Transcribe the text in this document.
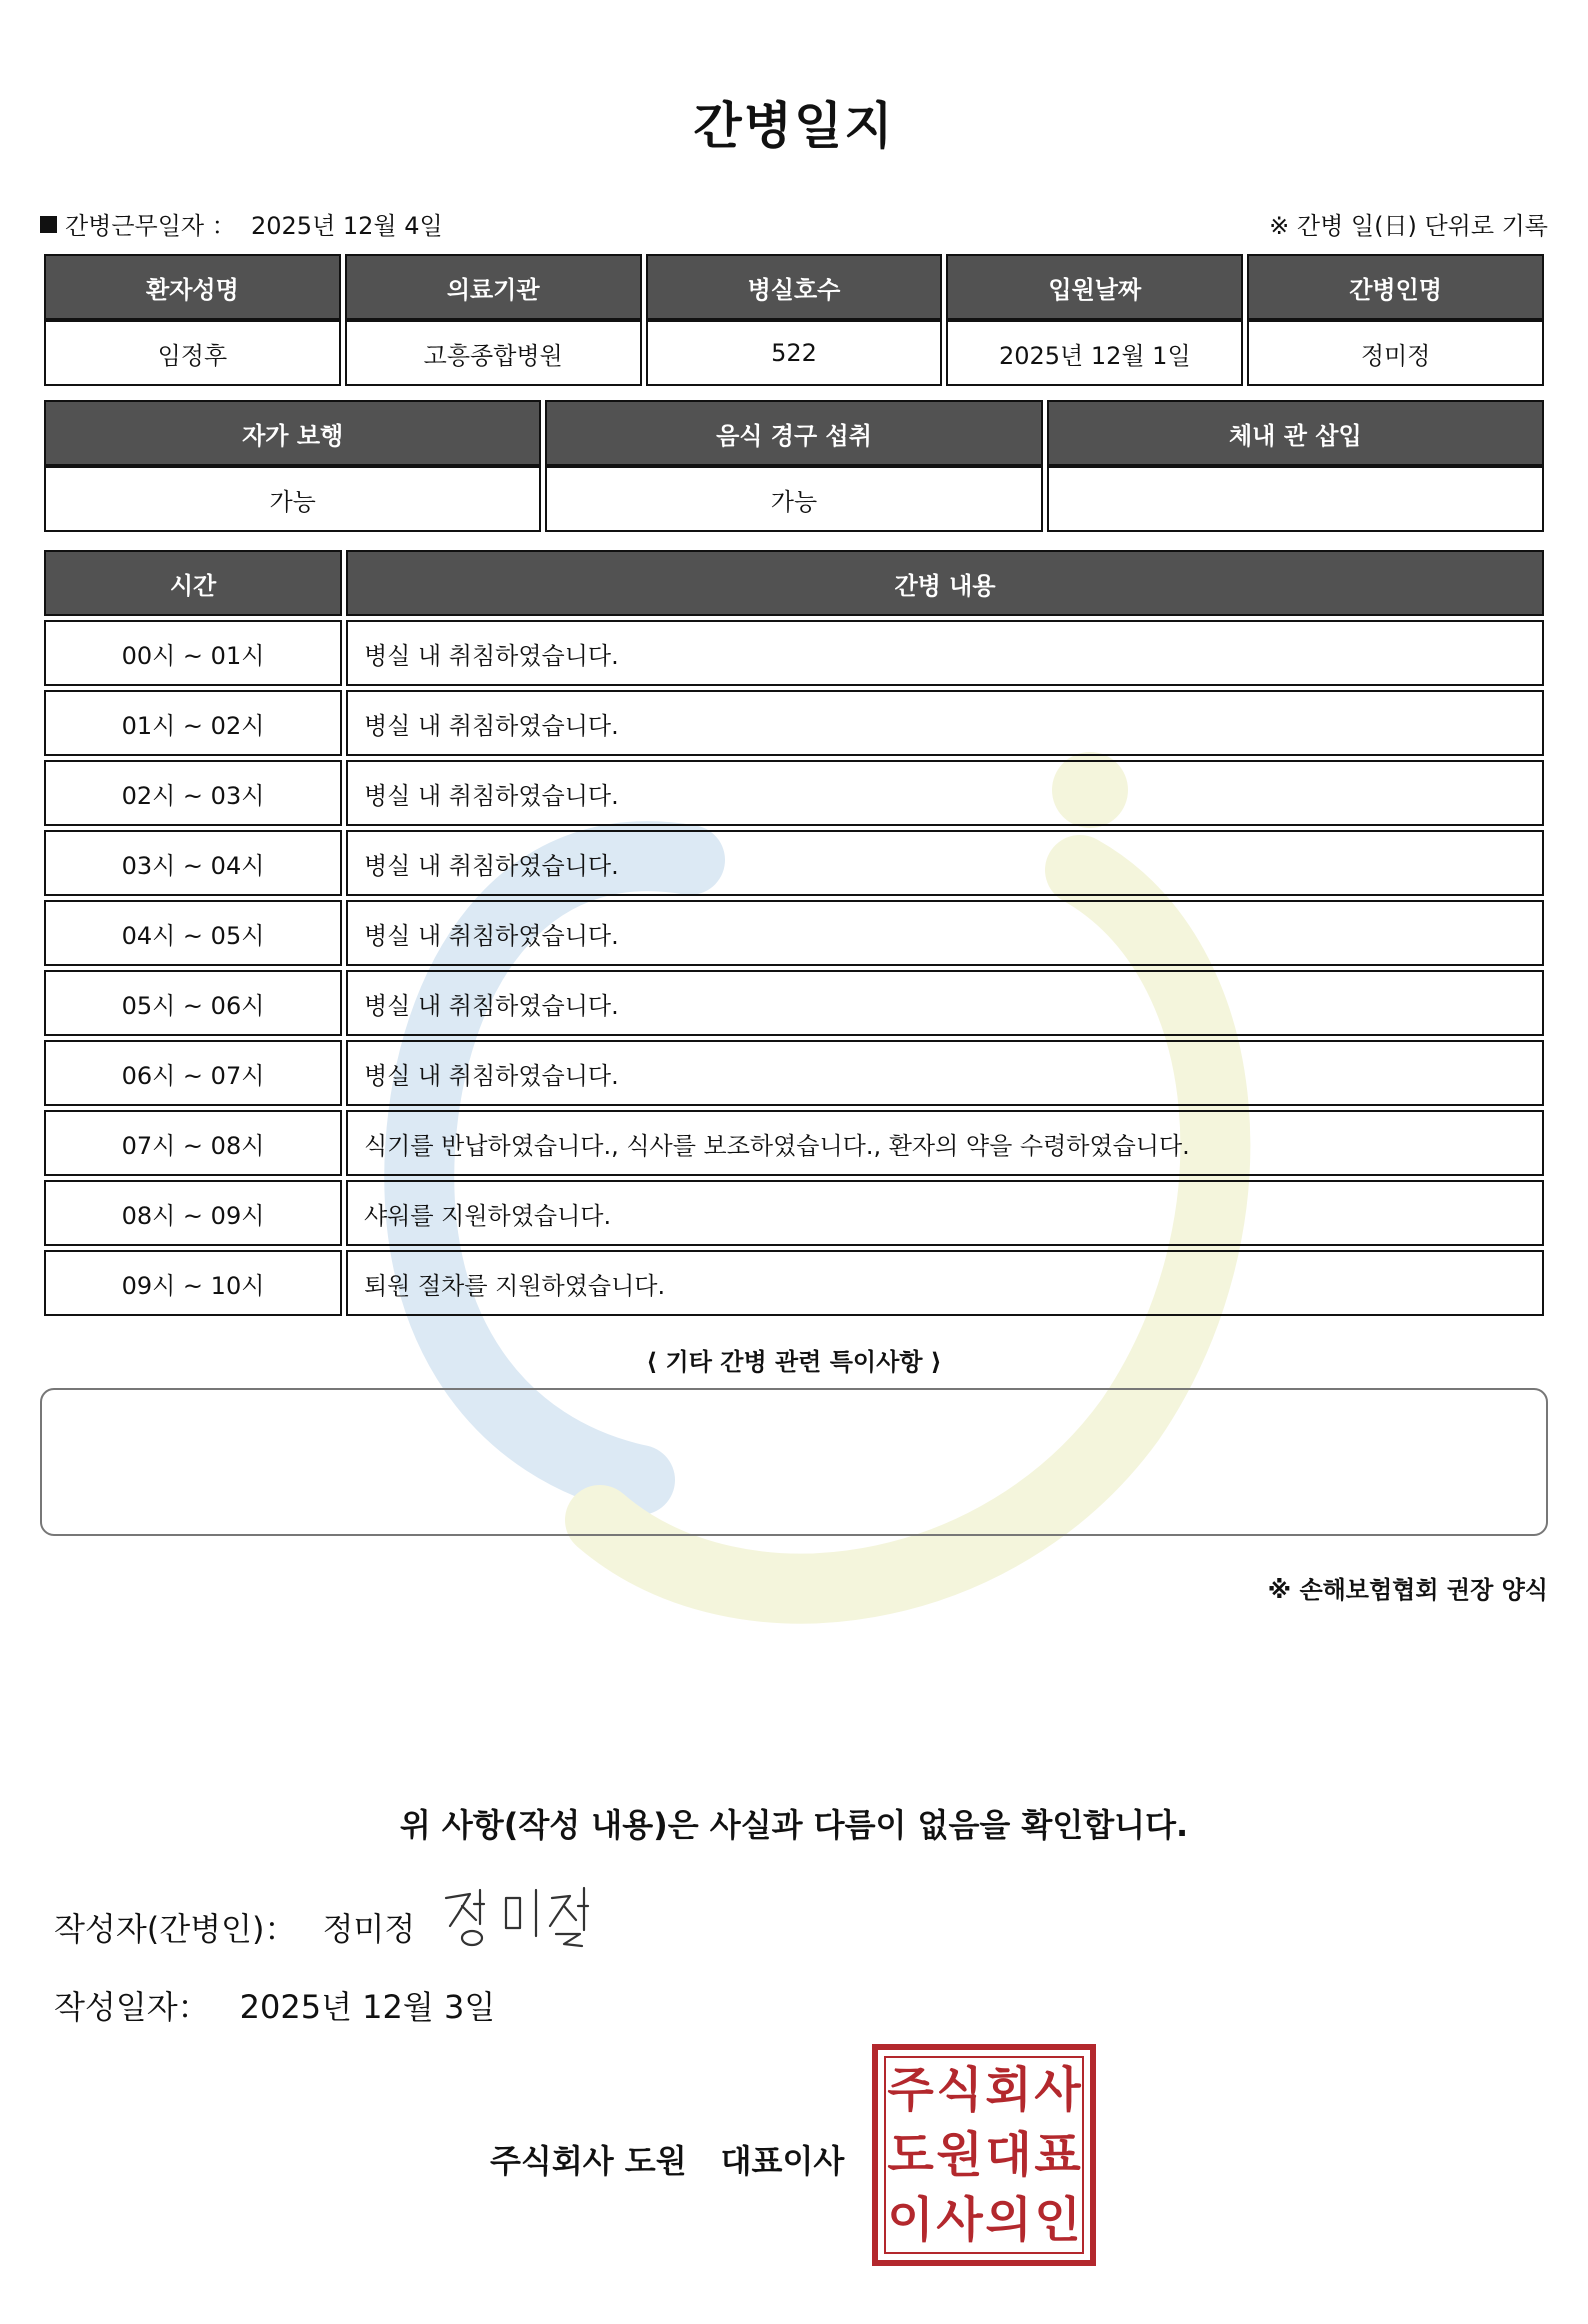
간병일지
간병근무일자 ： 2025년 12월 4일	※ 간병 일(日) 단위로 기록
환자성명	의료기관	병실호수	입원날짜	간병인명
임정후	고흥종합병원	522	2025년 12월 1일	정미정
자가 보행	음식 경구 섭취	체내 관 삽입
가능	가능	
시간	간병 내용
00시 ~ 01시	병실 내 취침하였습니다.
01시 ~ 02시	병실 내 취침하였습니다.
02시 ~ 03시	병실 내 취침하였습니다.
03시 ~ 04시	병실 내 취침하였습니다.
04시 ~ 05시	병실 내 취침하였습니다.
05시 ~ 06시	병실 내 취침하였습니다.
06시 ~ 07시	병실 내 취침하였습니다.
07시 ~ 08시	식기를 반납하였습니다., 식사를 보조하였습니다., 환자의 약을 수령하였습니다.
08시 ~ 09시	샤워를 지원하였습니다.
09시 ~ 10시	퇴원 절차를 지원하였습니다.
⟨ 기타 간병 관련 특이사항 ⟩
※ 손해보험협회 권장 양식
위 사항(작성 내용)은 사실과 다름이 없음을 확인합니다.
작성자(간병인)： 정미정
작성일자： 2025년 12월 3일
주식회사 도원 대표이사
주 식 회 사
도 원 대 표
이 사 의 인
